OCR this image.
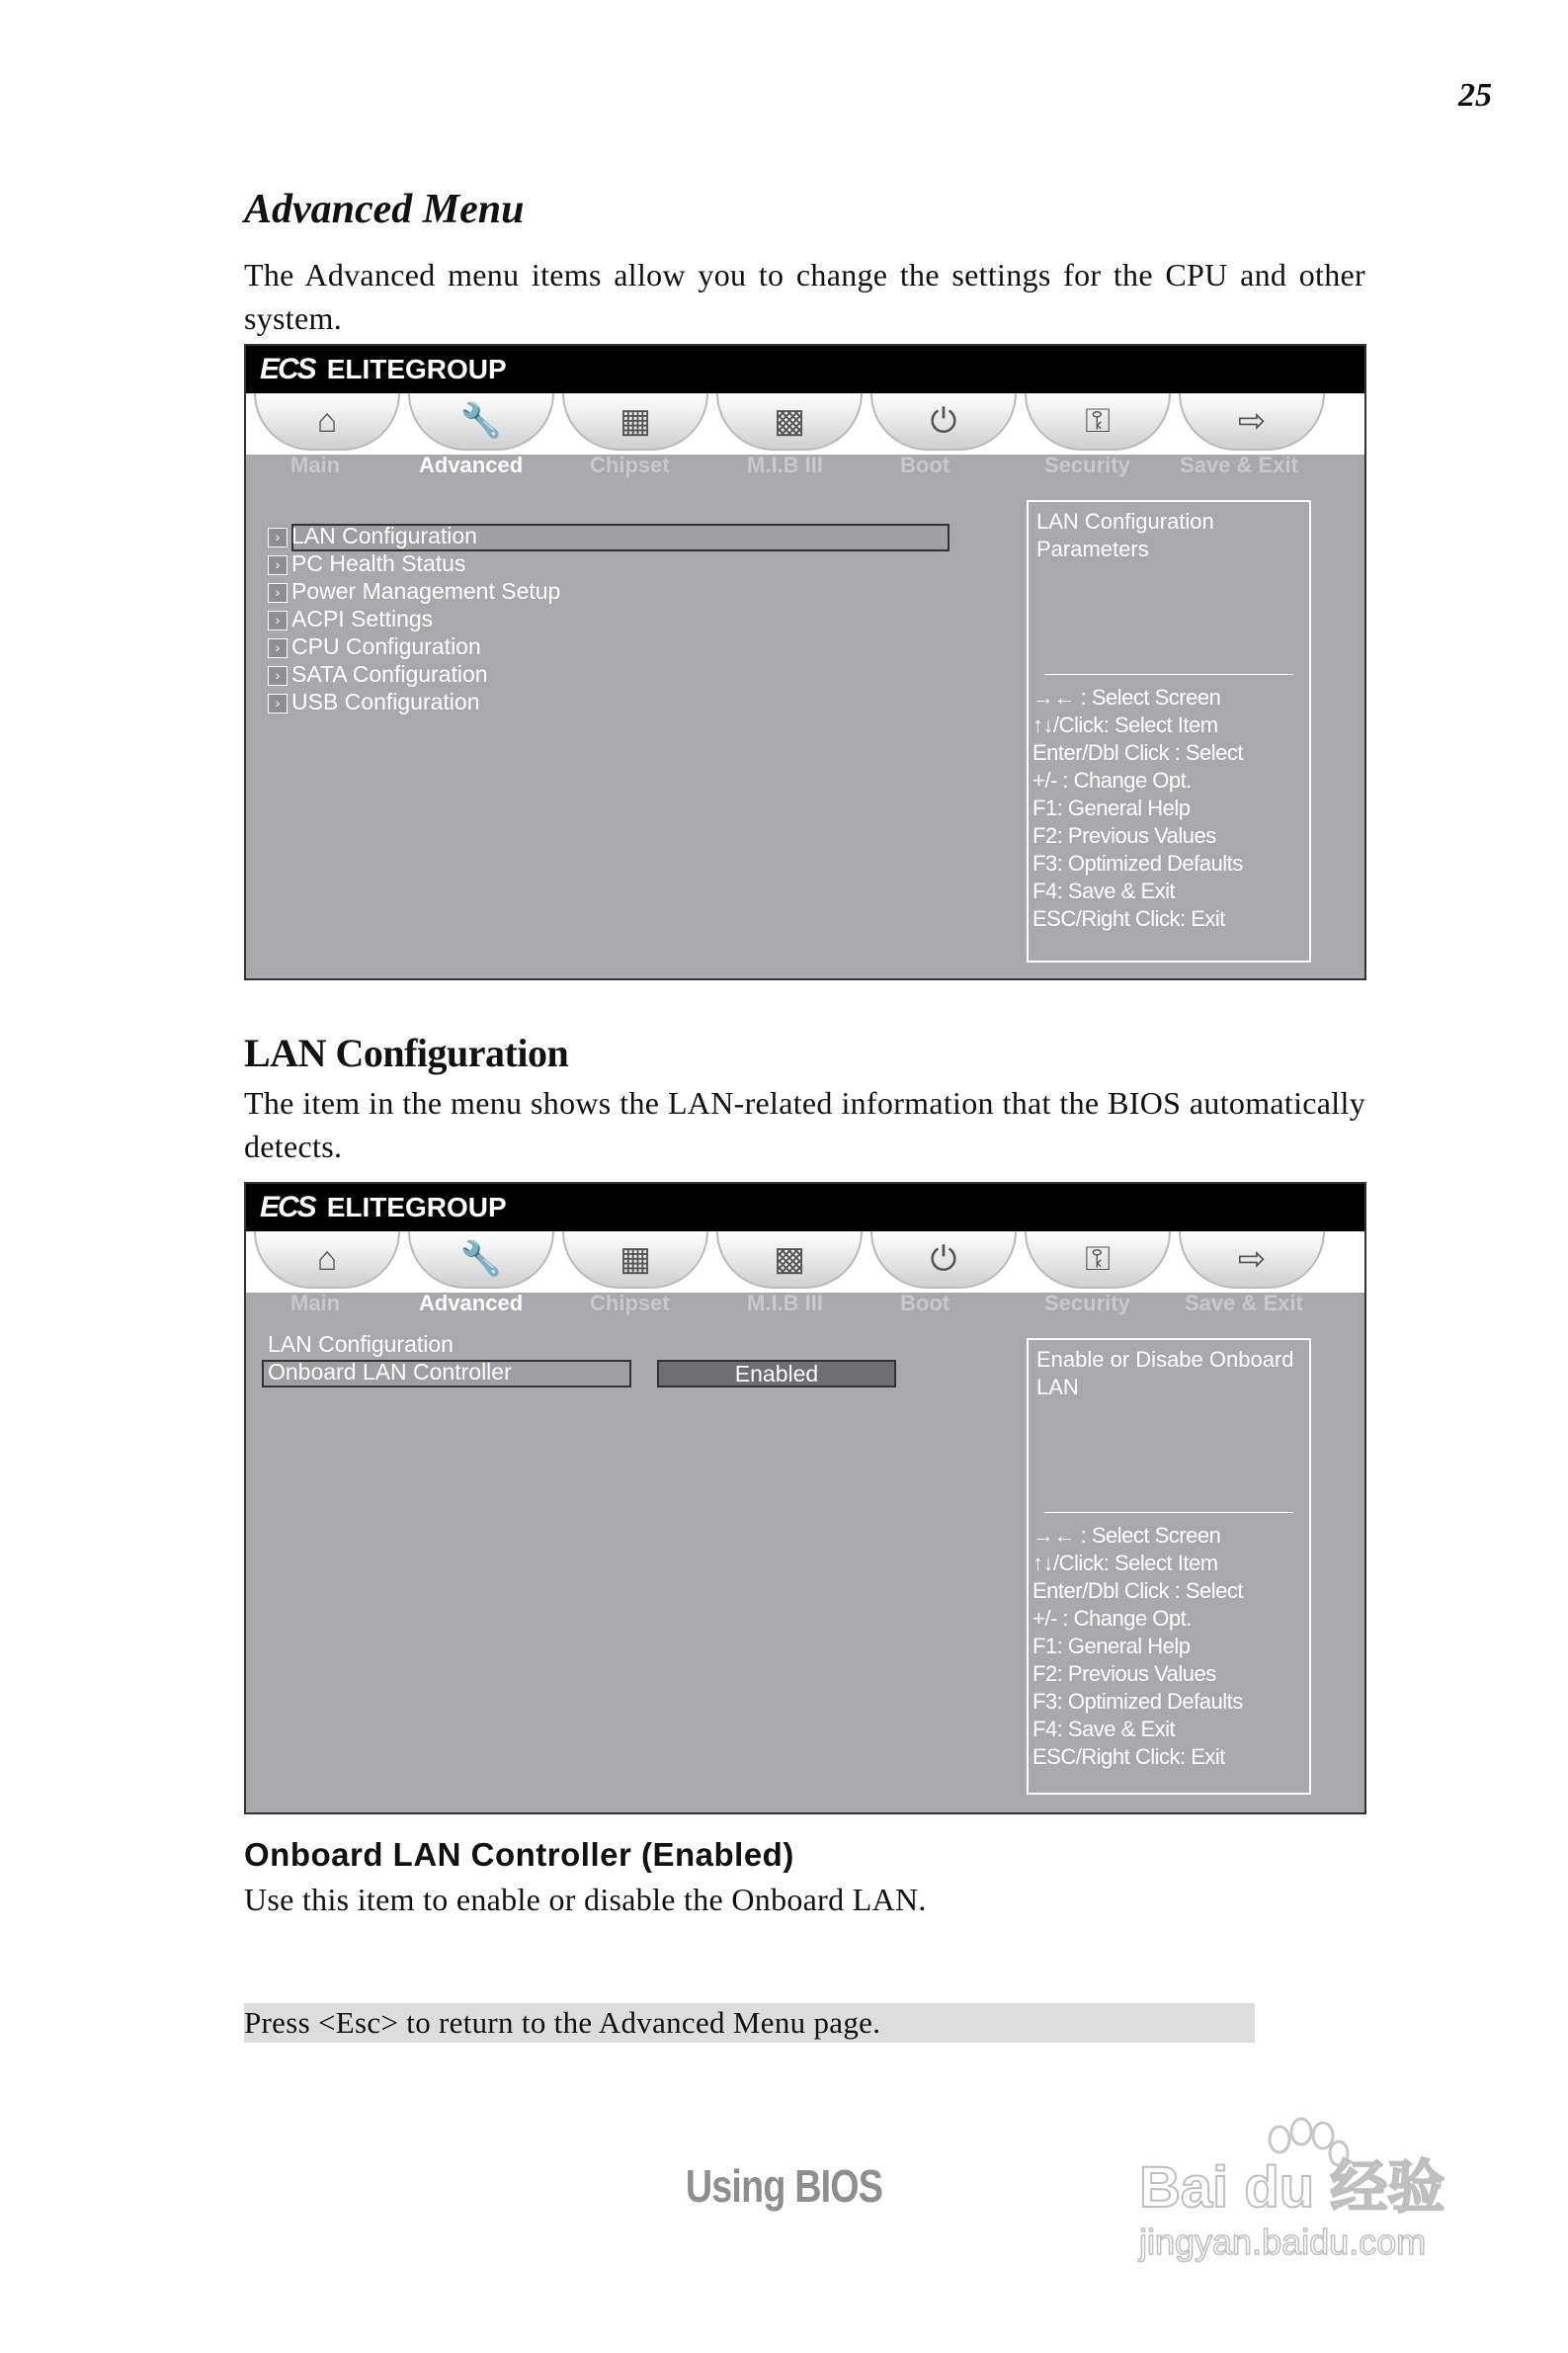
25
Advanced Menu
The Advanced menu items allow you to change the settings for the CPU and other system.
ECS ELITEGROUP
⌂	🔧	▦	▩	⏻	⚿	⇨
Main	Advanced	Chipset	M.I.B III	Boot	Security Save & Exit
› LAN Configuration
› PC Health Status
› Power Management Setup
› ACPI Settings
› CPU Configuration
› SATA Configuration
› USB Configuration
LAN Configuration
Parameters
→← : Select Screen
↑↓/Click: Select Item
Enter/Dbl Click : Select
+/- : Change Opt.
F1: General Help
F2: Previous Values
F3: Optimized Defaults
F4: Save & Exit
ESC/Right Click: Exit
LAN Configuration
The item in the menu shows the LAN-related information that the BIOS automatically detects.
ECS ELITEGROUP
⌂	🔧	▦	▩	⏻	⚿	⇨
Main	Advanced	Chipset	M.I.B III	Boot	Security	Save & Exit
LAN Configuration
Onboard LAN Controller	Enabled
Enable or Disabe Onboard
LAN
→← : Select Screen
↑↓/Click: Select Item
Enter/Dbl Click : Select
+/- : Change Opt.
F1: General Help
F2: Previous Values
F3: Optimized Defaults
F4: Save & Exit
ESC/Right Click: Exit
Onboard LAN Controller (Enabled)
Use this item to enable or disable the Onboard LAN.
Press <Esc> to return to the Advanced Menu page.
Using BIOS	Bai du 经验
jingyan.baidu.com
